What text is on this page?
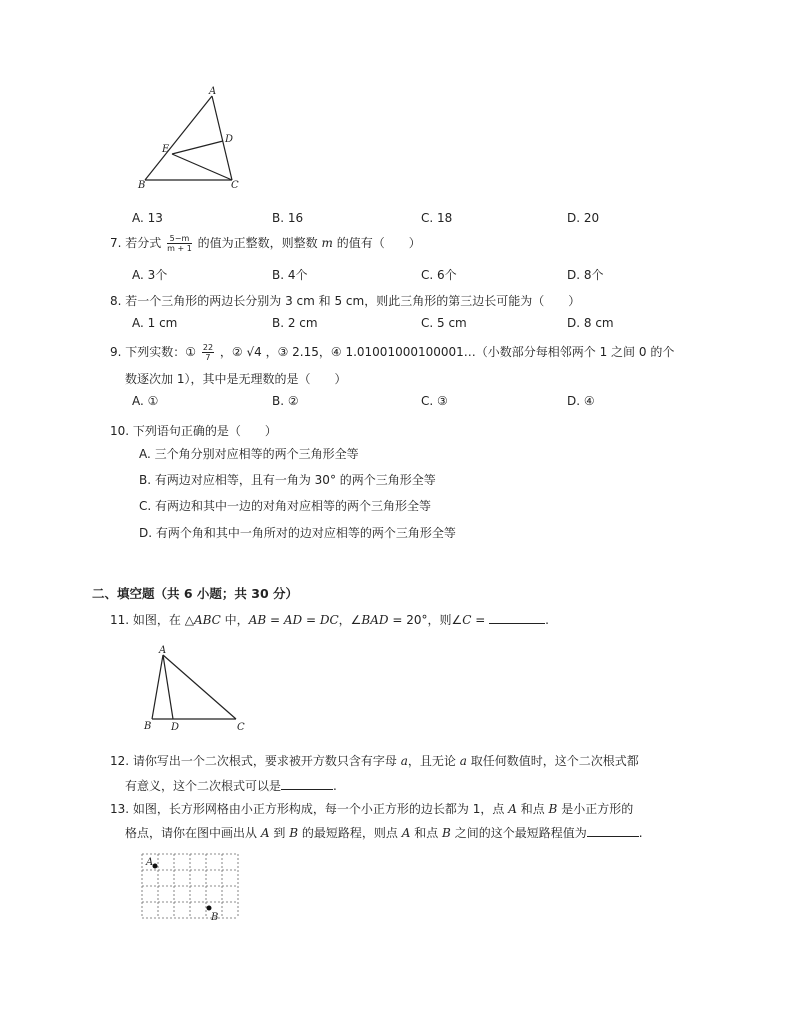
A
D
E
B	C
A. 13	B. 16	C. 18	D. 20
7. 若分式 $\frac{5-m}{m + 1}$ 的值为正整数，则整数 m 的值有（　　）
A. 3个	B. 4个	C. 6个	D. 8个
8. 若一个三角形的两边长分别为 3 cm 和 5 cm，则此三角形的第三边长可能为（　　）
A. 1 cm	B. 2 cm	C. 5 cm	D. 8 cm
9. 下列实数：① $\frac{22}{7}$ ，② √4 ，③ 2.15，④ 1.01001000100001…（小数部分每相邻两个 1 之间 0 的个
数逐次加 1），其中是无理数的是（　　）
A. ①	B. ②	C. ③	D. ④
10. 下列语句正确的是（　　）
A. 三个角分别对应相等的两个三角形全等
B. 有两边对应相等，且有一角为 30° 的两个三角形全等
C. 有两边和其中一边的对角对应相等的两个三角形全等
D. 有两个角和其中一角所对的边对应相等的两个三角形全等
二、填空题（共 6 小题；共 30 分）
11. 如图，在 △ABC 中，AB = AD = DC，∠BAD = 20°，则∠C =	.
A
B D	C
12. 请你写出一个二次根式，要求被开方数只含有字母 a，且无论 a 取任何数值时，这个二次根式都
有意义，这个二次根式可以是	.
13. 如图，长方形网格由小正方形构成，每一个小正方形的边长都为 1，点 A 和点 B 是小正方形的
格点，请你在图中画出从 A 到 B 的最短路程，则点 A 和点 B 之间的这个最短路程值为	.
A
B
